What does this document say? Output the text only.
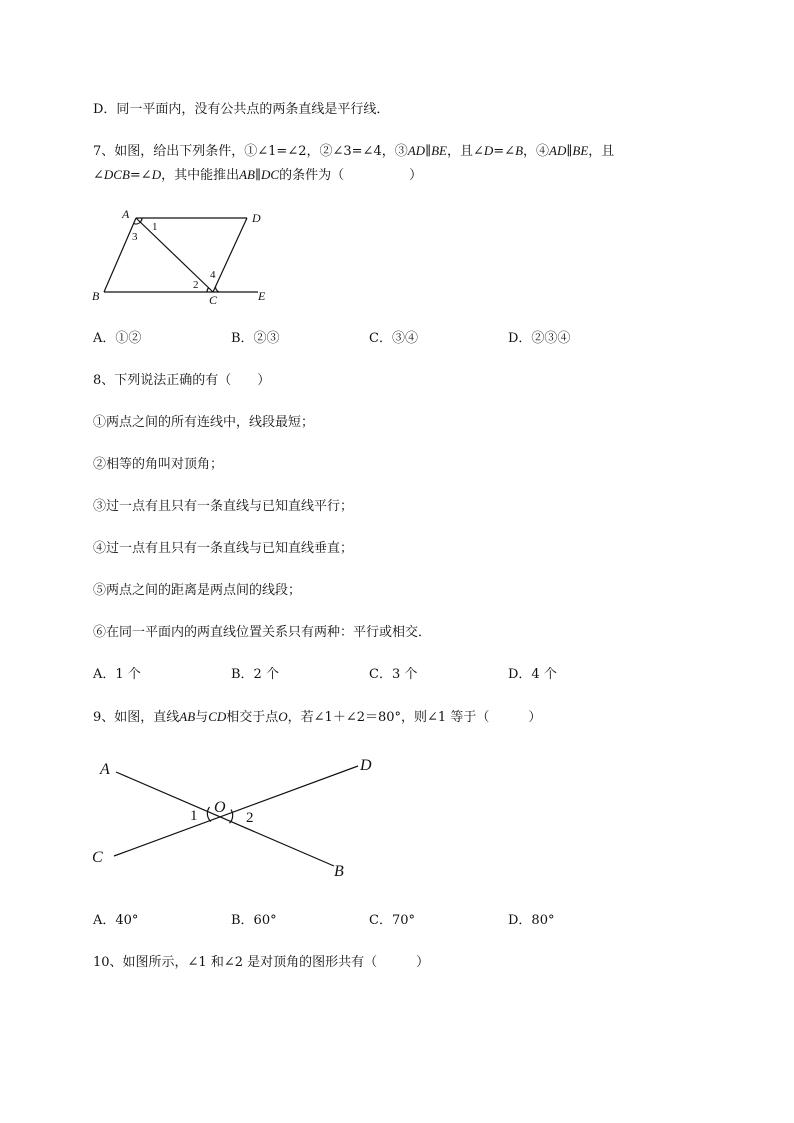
D．同一平面内，没有公共点的两条直线是平行线．
7、如图，给出下列条件，①∠1=∠2，②∠3=∠4，③AD∥BE，且∠D=∠B，④AD∥BE，且
∠DCB=∠D，其中能推出AB∥DC的条件为（　　　　　）
A	D
B	C	E
1
3
2
4
A．①②	B．②③	C．③④	D．②③④
8、下列说法正确的有（　　）
①两点之间的所有连线中，线段最短；
②相等的角叫对顶角；
③过一点有且只有一条直线与已知直线平行；
④过一点有且只有一条直线与已知直线垂直；
⑤两点之间的距离是两点间的线段；
⑥在同一平面内的两直线位置关系只有两种：平行或相交．
A．1 个	B．2 个	C．3 个	D．4 个
9、如图，直线AB与CD相交于点O，若∠1＋∠2＝80°，则∠1 等于（　　　）
A	D
O
1	2
C
B
A．40°	B．60°	C．70°	D．80°
10、如图所示，∠1 和∠2 是对顶角的图形共有（　　　）
